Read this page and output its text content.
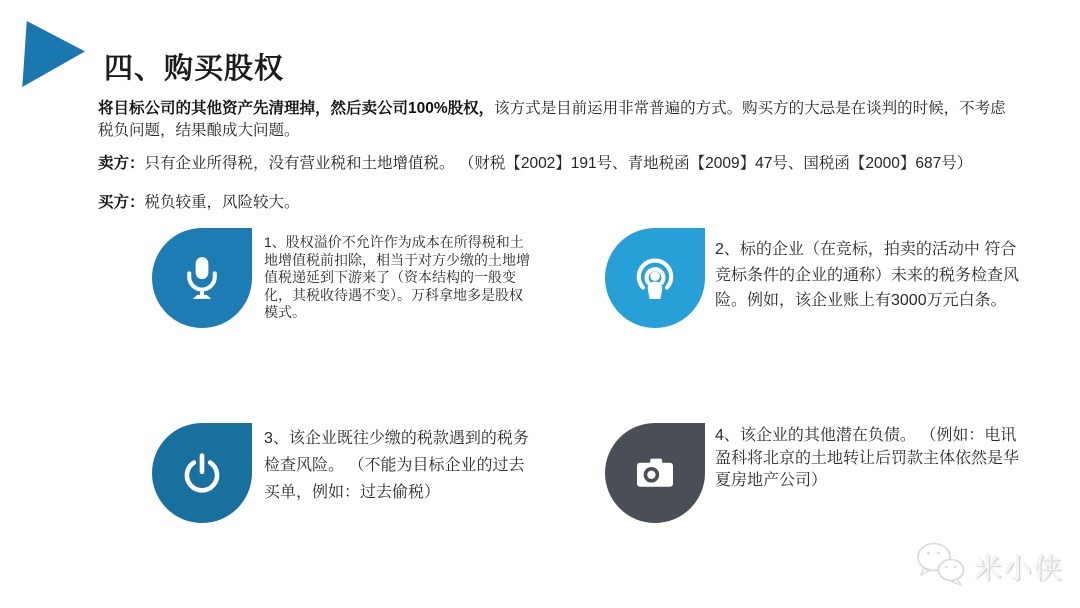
四、购买股权
将目标公司的其他资产先清理掉，然后卖公司100%股权，该方式是目前运用非常普遍的方式。购买方的大忌是在谈判的时候，不考虑税负问题，结果酿成大问题。
卖方：只有企业所得税，没有营业税和土地增值税。 （财税【2002】191号、青地税函【2009】47号、国税函【2000】687号）
买方：税负较重，风险较大。
1、股权溢价不允许作为成本在所得税和土地增值税前扣除，相当于对方少缴的土地增值税递延到下游来了（资本结构的一般变化，其税收待遇不变）。万科拿地多是股权模式。
2、标的企业（在竞标，拍卖的活动中 符合竞标条件的企业的通称）未来的税务检查风险。例如，该企业账上有3000万元白条。
3、该企业既往少缴的税款遇到的税务检查风险。 （不能为目标企业的过去买单，例如：过去偷税）
4、该企业的其他潜在负债。 （例如：电讯盈科将北京的土地转让后罚款主体依然是华夏房地产公司）
米小侠
